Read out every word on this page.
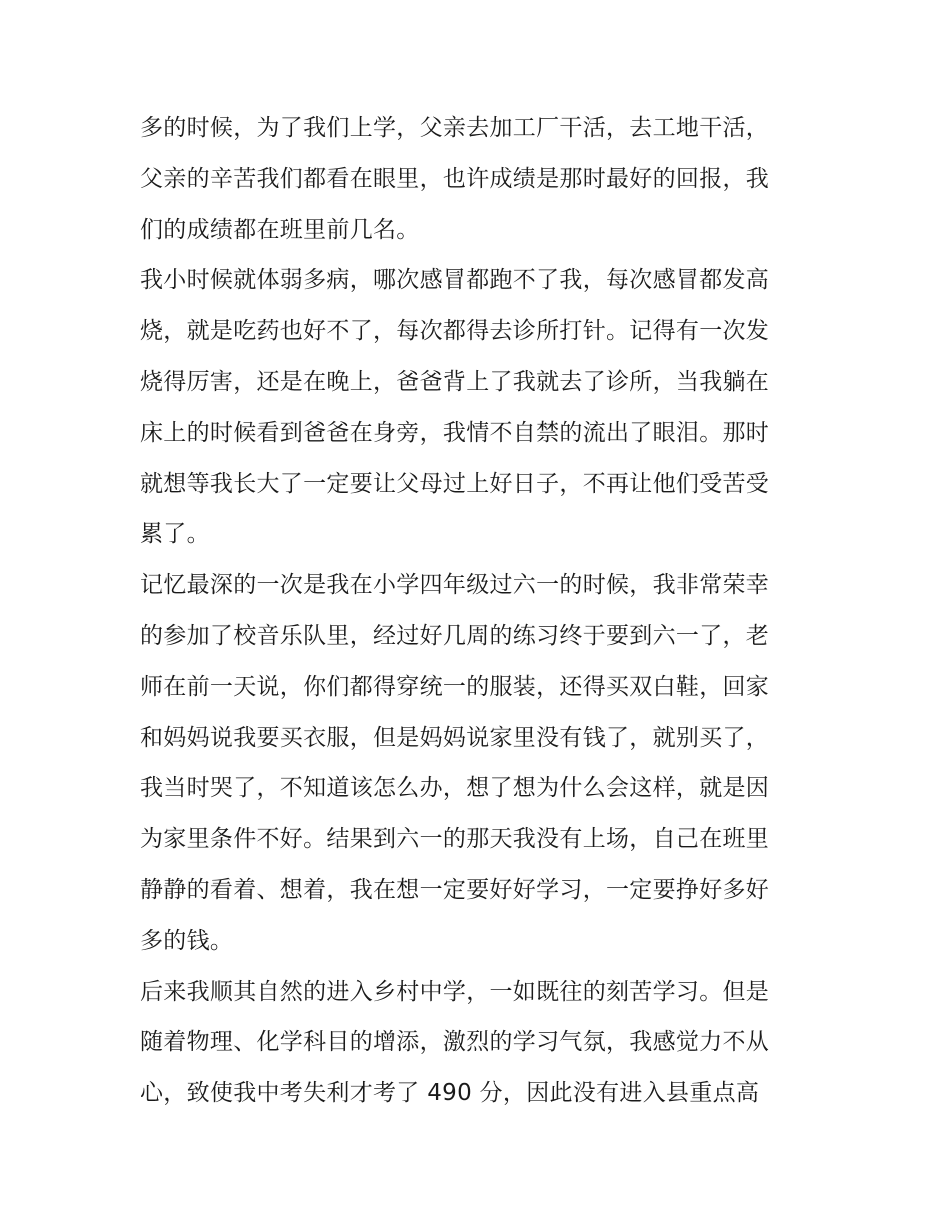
多的时候，为了我们上学，父亲去加工厂干活，去工地干活，
父亲的辛苦我们都看在眼里，也许成绩是那时最好的回报，我
们的成绩都在班里前几名。
我小时候就体弱多病，哪次感冒都跑不了我，每次感冒都发高
烧，就是吃药也好不了，每次都得去诊所打针。记得有一次发
烧得厉害，还是在晚上，爸爸背上了我就去了诊所，当我躺在
床上的时候看到爸爸在身旁，我情不自禁的流出了眼泪。那时
就想等我长大了一定要让父母过上好日子，不再让他们受苦受
累了。
记忆最深的一次是我在小学四年级过六一的时候，我非常荣幸
的参加了校音乐队里，经过好几周的练习终于要到六一了，老
师在前一天说，你们都得穿统一的服装，还得买双白鞋，回家
和妈妈说我要买衣服，但是妈妈说家里没有钱了，就别买了，
我当时哭了，不知道该怎么办，想了想为什么会这样，就是因
为家里条件不好。结果到六一的那天我没有上场，自己在班里
静静的看着、想着，我在想一定要好好学习，一定要挣好多好
多的钱。
后来我顺其自然的进入乡村中学，一如既往的刻苦学习。但是
随着物理、化学科目的增添，激烈的学习气氛，我感觉力不从
心，致使我中考失利才考了 490 分，因此没有进入县重点高
